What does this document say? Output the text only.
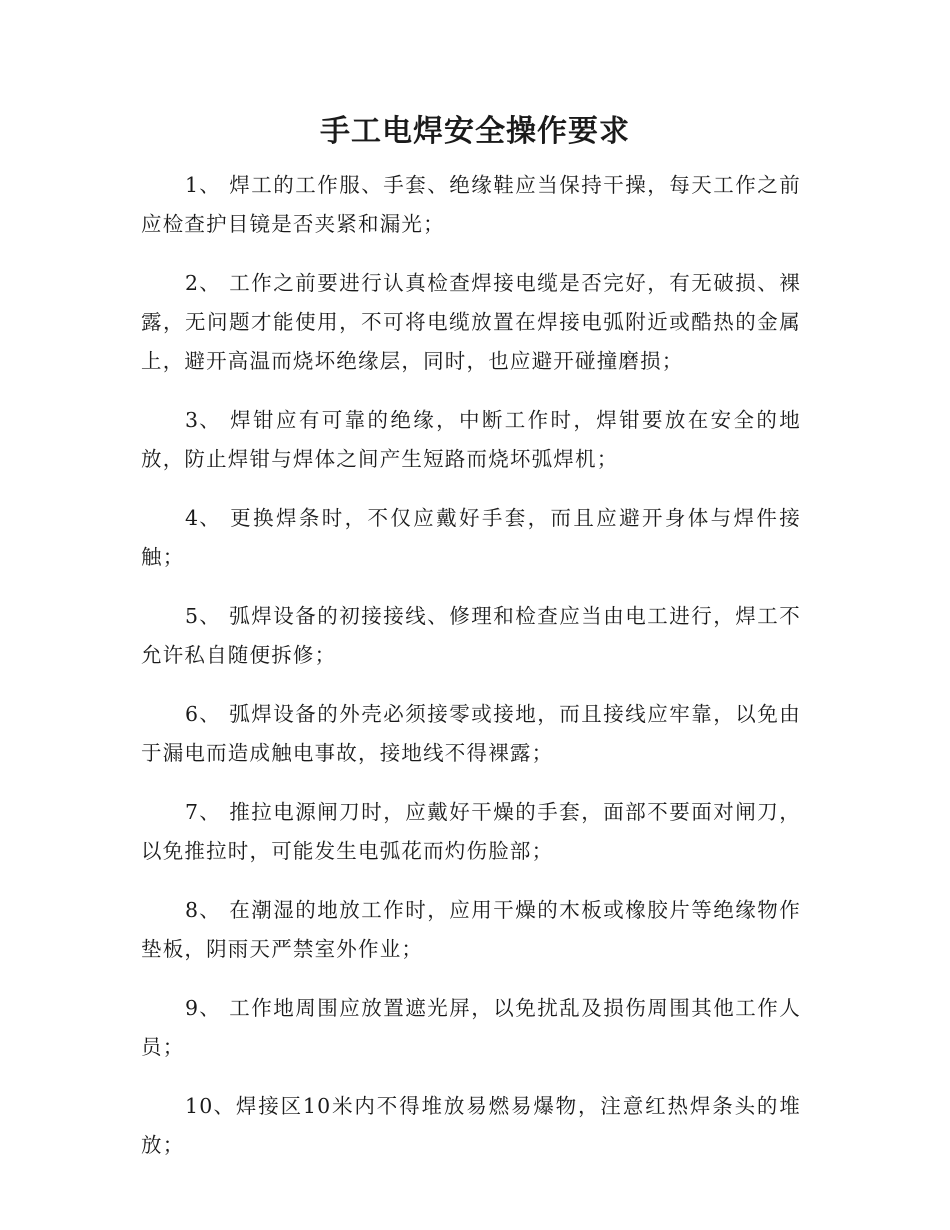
手工电焊安全操作要求

1、 焊工的工作服、手套、绝缘鞋应当保持干操，每天工作之前应检查护目镜是否夹紧和漏光；

2、 工作之前要进行认真检查焊接电缆是否完好，有无破损、裸露，无问题才能使用，不可将电缆放置在焊接电弧附近或酷热的金属上，避开高温而烧坏绝缘层，同时，也应避开碰撞磨损；

3、 焊钳应有可靠的绝缘，中断工作时，焊钳要放在安全的地放，防止焊钳与焊体之间产生短路而烧坏弧焊机；

4、 更换焊条时，不仅应戴好手套，而且应避开身体与焊件接触；

5、 弧焊设备的初接接线、修理和检查应当由电工进行，焊工不允许私自随便拆修；

6、 弧焊设备的外壳必须接零或接地，而且接线应牢靠，以免由于漏电而造成触电事故，接地线不得裸露；

7、 推拉电源闸刀时，应戴好干燥的手套，面部不要面对闸刀，以免推拉时，可能发生电弧花而灼伤脸部；

8、 在潮湿的地放工作时，应用干燥的木板或橡胶片等绝缘物作垫板，阴雨天严禁室外作业；

9、 工作地周围应放置遮光屏，以免扰乱及损伤周围其他工作人员；

10、焊接区10米内不得堆放易燃易爆物，注意红热焊条头的堆放；
